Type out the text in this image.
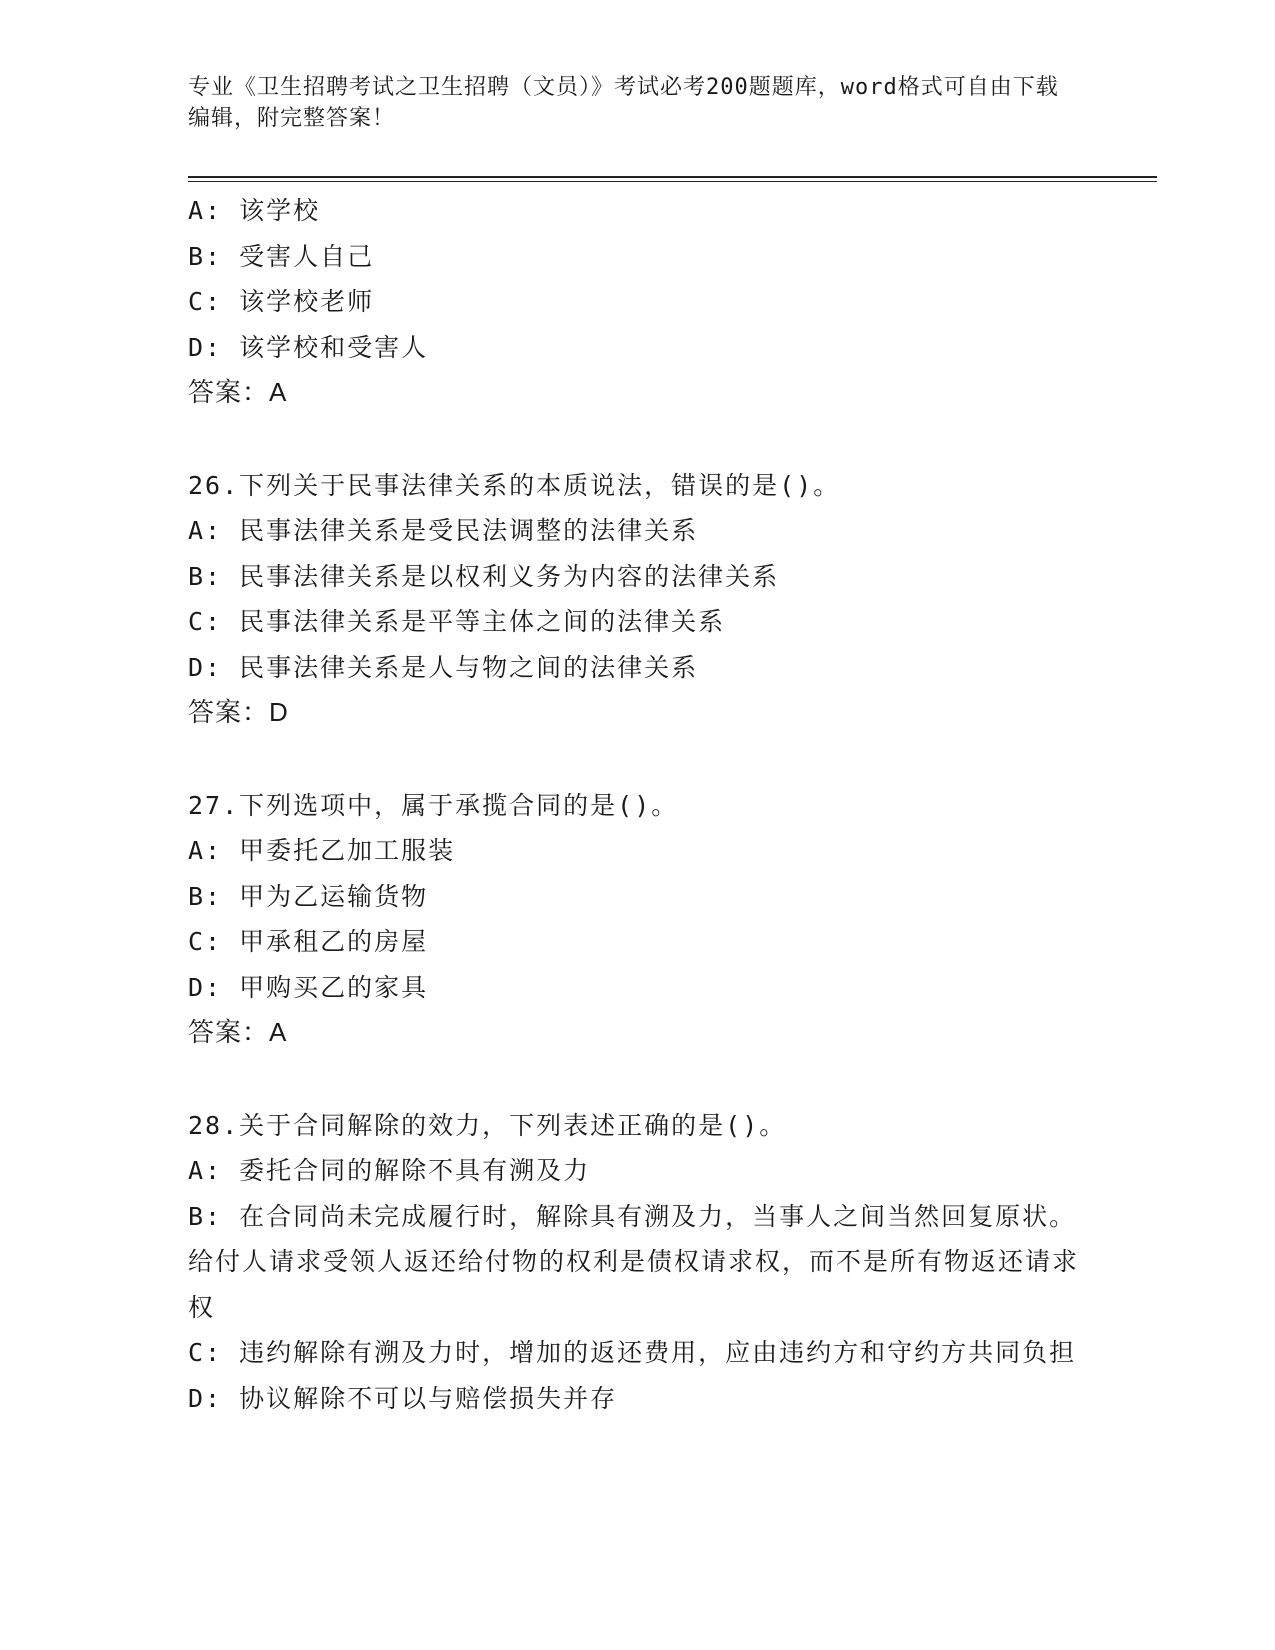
专业《卫生招聘考试之卫生招聘（文员）》考试必考200题题库，word格式可自由下载编辑，附完整答案！
A: 该学校
B: 受害人自己
C: 该学校老师
D: 该学校和受害人
答案：A
26.下列关于民事法律关系的本质说法，错误的是()。
A: 民事法律关系是受民法调整的法律关系
B: 民事法律关系是以权利义务为内容的法律关系
C: 民事法律关系是平等主体之间的法律关系
D: 民事法律关系是人与物之间的法律关系
答案：D
27.下列选项中，属于承揽合同的是()。
A: 甲委托乙加工服装
B: 甲为乙运输货物
C: 甲承租乙的房屋
D: 甲购买乙的家具
答案：A
28.关于合同解除的效力，下列表述正确的是()。
A: 委托合同的解除不具有溯及力
B: 在合同尚未完成履行时，解除具有溯及力，当事人之间当然回复原状。给付人请求受领人返还给付物的权利是债权请求权，而不是所有物返还请求权
C: 违约解除有溯及力时，增加的返还费用，应由违约方和守约方共同负担
D: 协议解除不可以与赔偿损失并存
